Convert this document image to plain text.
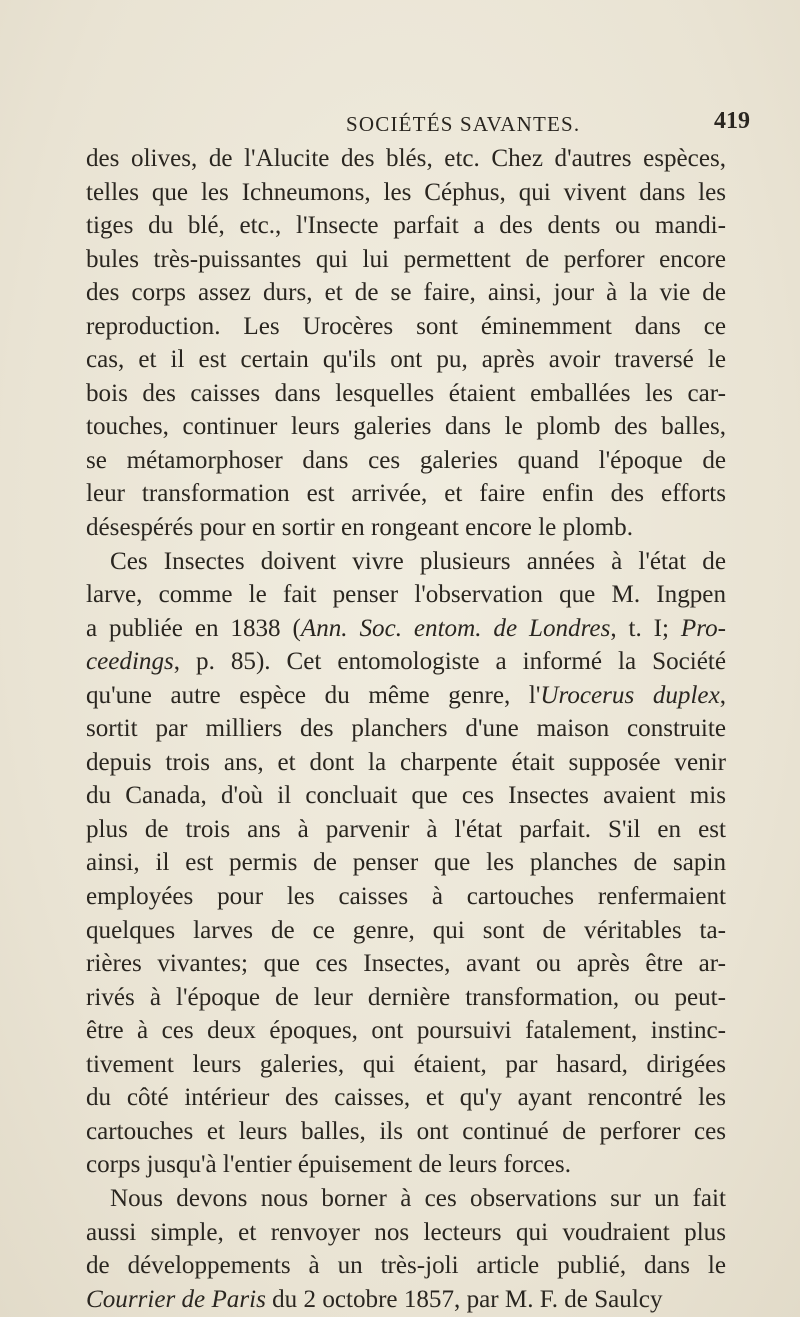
SOCIÉTÉS SAVANTES.	419
des olives, de l'Alucite des blés, etc. Chez d'autres espèces,
telles que les Ichneumons, les Céphus, qui vivent dans les
tiges du blé, etc., l'Insecte parfait a des dents ou mandi-
bules très-puissantes qui lui permettent de perforer encore
des corps assez durs, et de se faire, ainsi, jour à la vie de
reproduction. Les Urocères sont éminemment dans ce
cas, et il est certain qu'ils ont pu, après avoir traversé le
bois des caisses dans lesquelles étaient emballées les car-
touches, continuer leurs galeries dans le plomb des balles,
se métamorphoser dans ces galeries quand l'époque de
leur transformation est arrivée, et faire enfin des efforts
désespérés pour en sortir en rongeant encore le plomb.
Ces Insectes doivent vivre plusieurs années à l'état de
larve, comme le fait penser l'observation que M. Ingpen
a publiée en 1838 (Ann. Soc. entom. de Londres, t. I; Pro-
ceedings, p. 85). Cet entomologiste a informé la Société
qu'une autre espèce du même genre, l'Urocerus duplex,
sortit par milliers des planchers d'une maison construite
depuis trois ans, et dont la charpente était supposée venir
du Canada, d'où il concluait que ces Insectes avaient mis
plus de trois ans à parvenir à l'état parfait. S'il en est
ainsi, il est permis de penser que les planches de sapin
employées pour les caisses à cartouches renfermaient
quelques larves de ce genre, qui sont de véritables ta-
rières vivantes; que ces Insectes, avant ou après être ar-
rivés à l'époque de leur dernière transformation, ou peut-
être à ces deux époques, ont poursuivi fatalement, instinc-
tivement leurs galeries, qui étaient, par hasard, dirigées
du côté intérieur des caisses, et qu'y ayant rencontré les
cartouches et leurs balles, ils ont continué de perforer ces
corps jusqu'à l'entier épuisement de leurs forces.
Nous devons nous borner à ces observations sur un fait
aussi simple, et renvoyer nos lecteurs qui voudraient plus
de développements à un très-joli article publié, dans le
Courrier de Paris du 2 octobre 1857, par M. F. de Saulcy
